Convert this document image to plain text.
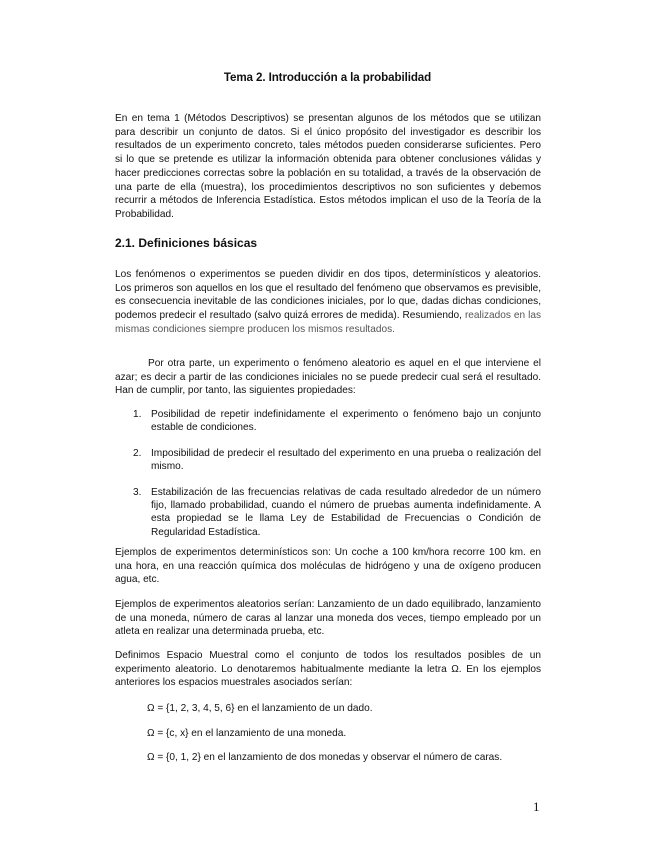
Tema 2. Introducción a la probabilidad

En en tema 1 (Métodos Descriptivos) se presentan algunos de los métodos que se utilizan para describir un conjunto de datos. Si el único propósito del investigador es describir los resultados de un experimento concreto, tales métodos pueden considerarse suficientes. Pero si lo que se pretende es utilizar la información obtenida para obtener conclusiones válidas y hacer predicciones correctas sobre la población en su totalidad, a través de la observación de una parte de ella (muestra), los procedimientos descriptivos no son suficientes y debemos recurrir a métodos de Inferencia Estadística. Estos métodos implican el uso de la Teoría de la Probabilidad.

2.1. Definiciones básicas

Los fenómenos o experimentos se pueden dividir en dos tipos, determinísticos y aleatorios. Los primeros son aquellos en los que el resultado del fenómeno que observamos es previsible, es consecuencia inevitable de las condiciones iniciales, por lo que, dadas dichas condiciones, podemos predecir el resultado (salvo quizá errores de medida). Resumiendo, realizados en las mismas condiciones siempre producen los mismos resultados.

Por otra parte, un experimento o fenómeno aleatorio es aquel en el que interviene el azar; es decir a partir de las condiciones iniciales no se puede predecir cual será el resultado. Han de cumplir, por tanto, las siguientes propiedades:

1. Posibilidad de repetir indefinidamente el experimento o fenómeno bajo un conjunto estable de condiciones.
2. Imposibilidad de predecir el resultado del experimento en una prueba o realización del mismo.
3. Estabilización de las frecuencias relativas de cada resultado alrededor de un número fijo, llamado probabilidad, cuando el número de pruebas aumenta indefinidamente. A esta propiedad se le llama Ley de Estabilidad de Frecuencias o Condición de Regularidad Estadística.

Ejemplos de experimentos determinísticos son: Un coche a 100 km/hora recorre 100 km. en una hora, en una reacción química dos moléculas de hidrógeno y una de oxígeno producen agua, etc.

Ejemplos de experimentos aleatorios serían: Lanzamiento de un dado equilibrado, lanzamiento de una moneda, número de caras al lanzar una moneda dos veces, tiempo empleado por un atleta en realizar una determinada prueba, etc.

Definimos Espacio Muestral como el conjunto de todos los resultados posibles de un experimento aleatorio. Lo denotaremos habitualmente mediante la letra Ω. En los ejemplos anteriores los espacios muestrales asociados serían:

Ω = {1, 2, 3, 4, 5, 6} en el lanzamiento de un dado.

Ω = {c, x} en el lanzamiento de una moneda.

Ω = {0, 1, 2} en el lanzamiento de dos monedas y observar el número de caras.

1
